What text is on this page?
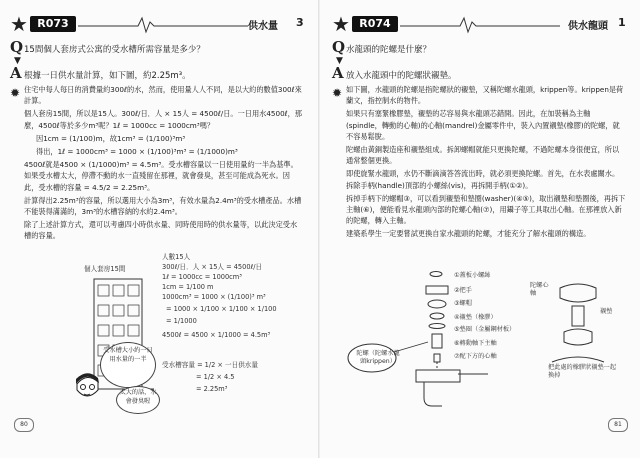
★ R073	供水量 3
Q 15間個人套房式公寓的受水槽所需容量是多少？
▼
A 根據一日供水量計算，如下圖，約2.25m³。
✹ 住宅中每人每日的消費量約300ℓ的水，然而，使用量人人不同，是以大約的數值300ℓ來計算。

個人套房15間，所以是15人。300ℓ/日．人 × 15人 = 4500ℓ/日。一日用水4500ℓ，那麼，4500ℓ等於多少m³呢？1ℓ = 1000cc = 1000cm³嗎？

因1cm = (1/100)m，故1cm³ = (1/100)³m³

得出，1ℓ = 1000cm³ = 1000 × (1/100)³m³ = (1/1000)m³

4500ℓ就是4500 × (1/1000)m³ = 4.5m³。受水槽容量以一日使用量約一半為基準。如果受水槽太大，停滯不動的水一直殘留在那裡，就會發臭，甚至可能成為死水。因此，受水槽的容量 = 4.5/2 = 2.25m³。

計算得出2.25m³的容量，所以選用大小為3m³，有效水量為2.4m³的受水槽產品。水槽不能裝得滿滿的，3m³的水槽容納的水約2.4m³。

除了上述計算方式，還可以考慮四小時供水量、同時使用時的供水量等，以此決定受水槽的容量。

個人套房15間
人數15人
300ℓ/日．人 × 15人 = 4500ℓ/日
1ℓ = 1000cc = 1000cm³
1cm = 1/100 m
1000cm³ = 1000 × (1/100)³ m³
= 1000 × 1/100 × 1/100 × 1/100
= 1/1000
4500ℓ = 4500 × 1/1000 = 4.5m³
受水槽容量 = 1/2 × 一日供水量
= 1/2 × 4.5
= 2.25m³
受水槽大小約一日用水量的一半
太大的話，水會發臭喔
80
★ R074	供水龍頭 1
Q 水龍頭的陀螺是什麼？
▼
A 放入水龍頭中的陀螺狀襯墊。
✹ 如下圖，水龍頭的陀螺是指陀螺狀的襯墊，又稱陀螺水龍頭，krippen等。krippen是荷蘭文，指控制水的物件。

如果只有塞緊橡膠墊，襯墊的芯容易與水龍頭芯錯開。因此，在加裝稱為主軸(spindle，轉動的心軸)的心軸(mandrel)金屬零件中，裝入內置襯墊(橡膠)的陀螺，就不容易鬆脫。

陀螺由黃銅製造座和襯墊組成。拆卸螺帽就能只更換陀螺，不過陀螺本身很便宜，所以通常整個更換。

即使旋緊水龍頭，水仍不斷滴滴答答流出時，就必須更換陀螺。首先，在水表處關水。拆除手柄(handle)頂部的小螺絲(vis)，再拆開手柄(①②)。

拆掉手柄下的螺帽③，可以看到襯墊和墊圈(washer)(④⑤)，取出襯墊和墊圈後，再拆下主軸(⑥)，便能看見水龍頭內部的陀螺心軸(⑦)，用鑷子等工具取出心軸。在那裡放入新的陀螺，轉入主軸。

建築系學生一定要嘗試更換自家水龍頭的陀螺，才能充分了解水龍頭的構造。

①蓋板小螺絲
②把手
③螺帽
④襯墊（橡膠）
⑤墊圈（金屬鋼材板）
⑥轉動軸下主軸
⑦配下方的心軸
陀螺（陀螺水龍頭krippen）
陀螺心軸
襯墊
把此處的橡膠狀襯墊一起換掉
81
